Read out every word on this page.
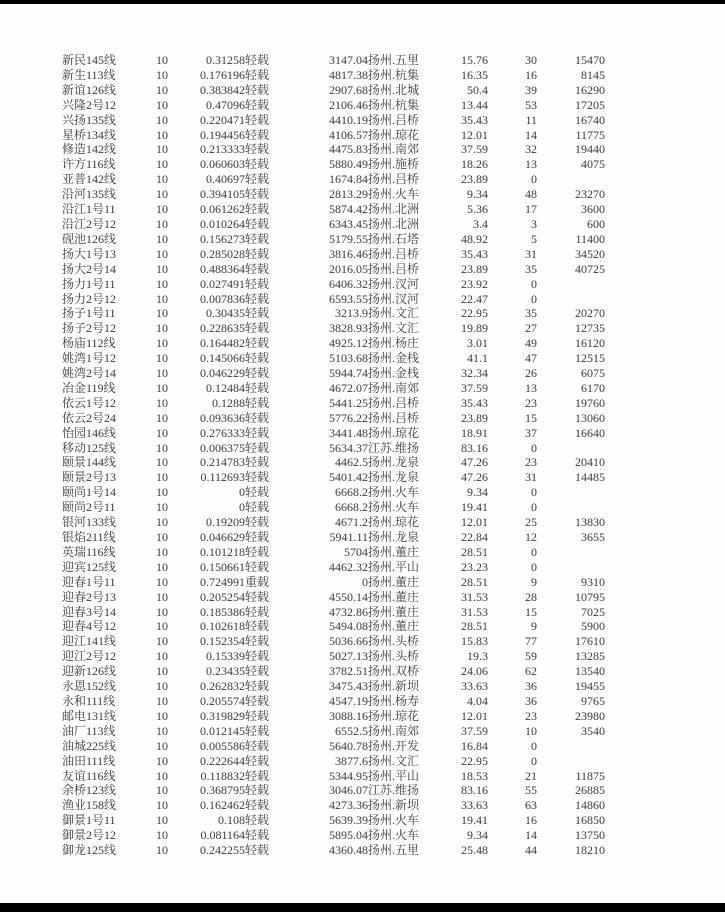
新民145线	10	0.31258	轻载	3147.04	扬州.五里	15.76	30	15470
新生113线	10	0.176196	轻载	4817.38	扬州.杭集	16.35	16	8145
新谊126线	10	0.383842	轻载	2907.68	扬州.北城	50.4	39	16290
兴隆2号12	10	0.47096	轻载	2106.46	扬州.杭集	13.44	53	17205
兴扬135线	10	0.220471	轻载	4410.19	扬州.吕桥	35.43	11	16740
星桥134线	10	0.194456	轻载	4106.57	扬州.琼花	12.01	14	11775
修造142线	10	0.213333	轻载	4475.83	扬州.南郊	37.59	32	19440
许方116线	10	0.060603	轻载	5880.49	扬州.施桥	18.26	13	4075
亚普142线	10	0.40697	轻载	1674.84	扬州.吕桥	23.89	0	
沿河135线	10	0.394105	轻载	2813.29	扬州.火车	9.34	48	23270
沿江1号11	10	0.061262	轻载	5874.42	扬州.北洲	5.36	17	3600
沿江2号12	10	0.010264	轻载	6343.45	扬州.北洲	3.4	3	600
砚池126线	10	0.156273	轻载	5179.55	扬州.石塔	48.92	5	11400
扬大1号13	10	0.285028	轻载	3816.46	扬州.吕桥	35.43	31	34520
扬大2号14	10	0.488364	轻载	2016.05	扬州.吕桥	23.89	35	40725
扬力1号11	10	0.027491	轻载	6406.32	扬州.汊河	23.92	0	
扬力2号12	10	0.007836	轻载	6593.55	扬州.汊河	22.47	0	
扬子1号11	10	0.30435	轻载	3213.9	扬州.文汇	22.95	35	20270
扬子2号12	10	0.228635	轻载	3828.93	扬州.文汇	19.89	27	12735
杨庙112线	10	0.164482	轻载	4925.12	扬州.杨庄	3.01	49	16120
姚湾1号12	10	0.145066	轻载	5103.68	扬州.金栈	41.1	47	12515
姚湾2号14	10	0.046229	轻载	5944.74	扬州.金栈	32.34	26	6075
冶金119线	10	0.12484	轻载	4672.07	扬州.南郊	37.59	13	6170
依云1号12	10	0.1288	轻载	5441.25	扬州.吕桥	35.43	23	19760
依云2号24	10	0.093636	轻载	5776.22	扬州.吕桥	23.89	15	13060
怡园146线	10	0.276333	轻载	3441.48	扬州.琼花	18.91	37	16640
移动125线	10	0.006375	轻载	5634.37	江苏.维扬	83.16	0	
颐景144线	10	0.214783	轻载	4462.5	扬州.龙泉	47.26	23	20410
颐景2号13	10	0.112693	轻载	5401.42	扬州.龙泉	47.26	31	14485
颐尚1号14	10	0	轻载	6668.2	扬州.火车	9.34	0	
颐尚2号11	10	0	轻载	6668.2	扬州.火车	19.41	0	
银河133线	10	0.19209	轻载	4671.2	扬州.琼花	12.01	25	13830
银焰211线	10	0.046629	轻载	5941.11	扬州.龙泉	22.84	12	3655
英瑞116线	10	0.101218	轻载	5704	扬州.董庄	28.51	0	
迎宾125线	10	0.150661	轻载	4462.32	扬州.平山	23.23	0	
迎春1号11	10	0.724991	重载	0	扬州.董庄	28.51	9	9310
迎春2号13	10	0.205254	轻载	4550.14	扬州.董庄	31.53	28	10795
迎春3号14	10	0.185386	轻载	4732.86	扬州.董庄	31.53	15	7025
迎春4号12	10	0.102618	轻载	5494.08	扬州.董庄	28.51	9	5900
迎江141线	10	0.152354	轻载	5036.66	扬州.头桥	15.83	77	17610
迎江2号12	10	0.15339	轻载	5027.13	扬州.头桥	19.3	59	13285
迎新126线	10	0.23435	轻载	3782.51	扬州.双桥	24.06	62	13540
永恩152线	10	0.262832	轻载	3475.43	扬州.新坝	33.63	36	19455
永和111线	10	0.205574	轻载	4547.19	扬州.杨寿	4.04	36	9765
邮电131线	10	0.319829	轻载	3088.16	扬州.琼花	12.01	23	23980
油厂113线	10	0.012145	轻载	6552.5	扬州.南郊	37.59	10	3540
油城225线	10	0.005586	轻载	5640.78	扬州.开发	16.84	0	
油田111线	10	0.222644	轻载	3877.6	扬州.文汇	22.95	0	
友谊116线	10	0.118832	轻载	5344.95	扬州.平山	18.53	21	11875
余桥123线	10	0.368795	轻载	3046.07	江苏.维扬	83.16	55	26885
渔业158线	10	0.162462	轻载	4273.36	扬州.新坝	33.63	63	14860
御景1号11	10	0.108	轻载	5639.39	扬州.火车	19.41	16	16850
御景2号12	10	0.081164	轻载	5895.04	扬州.火车	9.34	14	13750
御龙125线	10	0.242255	轻载	4360.48	扬州.五里	25.48	44	18210
